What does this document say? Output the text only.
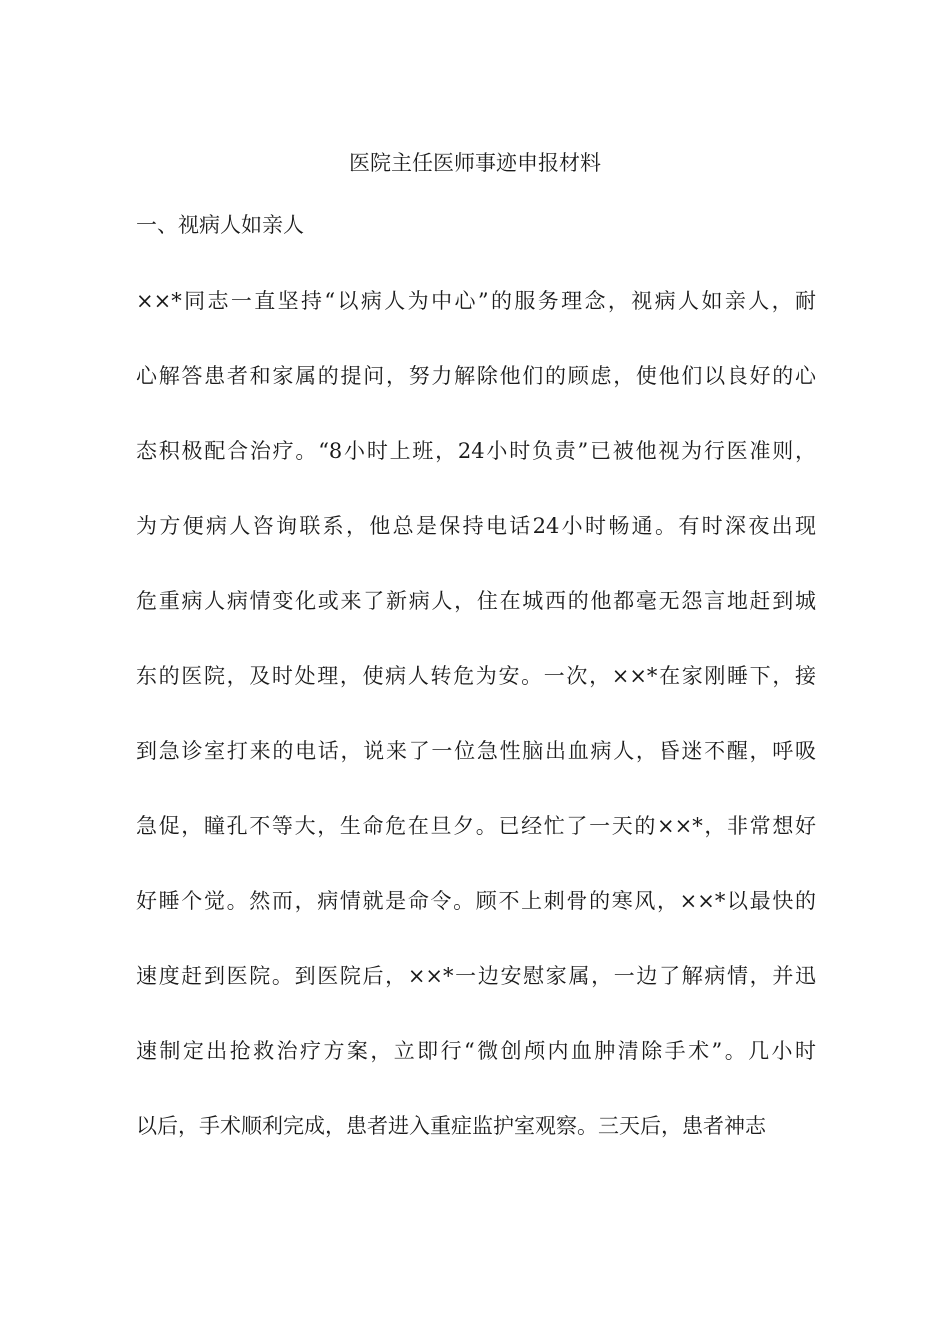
医院主任医师事迹申报材料
一、视病人如亲人
××*同志一直坚持“以病人为中心”的服务理念，视病人如亲人，耐
心解答患者和家属的提问，努力解除他们的顾虑，使他们以良好的心
态积极配合治疗。“8小时上班，24小时负责”已被他视为行医准则，
为方便病人咨询联系，他总是保持电话24小时畅通。有时深夜出现
危重病人病情变化或来了新病人，住在城西的他都毫无怨言地赶到城
东的医院，及时处理，使病人转危为安。一次，××*在家刚睡下，接
到急诊室打来的电话，说来了一位急性脑出血病人，昏迷不醒，呼吸
急促，瞳孔不等大，生命危在旦夕。已经忙了一天的××*，非常想好
好睡个觉。然而，病情就是命令。顾不上刺骨的寒风，××*以最快的
速度赶到医院。到医院后，××*一边安慰家属，一边了解病情，并迅
速制定出抢救治疗方案，立即行“微创颅内血肿清除手术”。几小时
以后，手术顺利完成，患者进入重症监护室观察。三天后，患者神志
